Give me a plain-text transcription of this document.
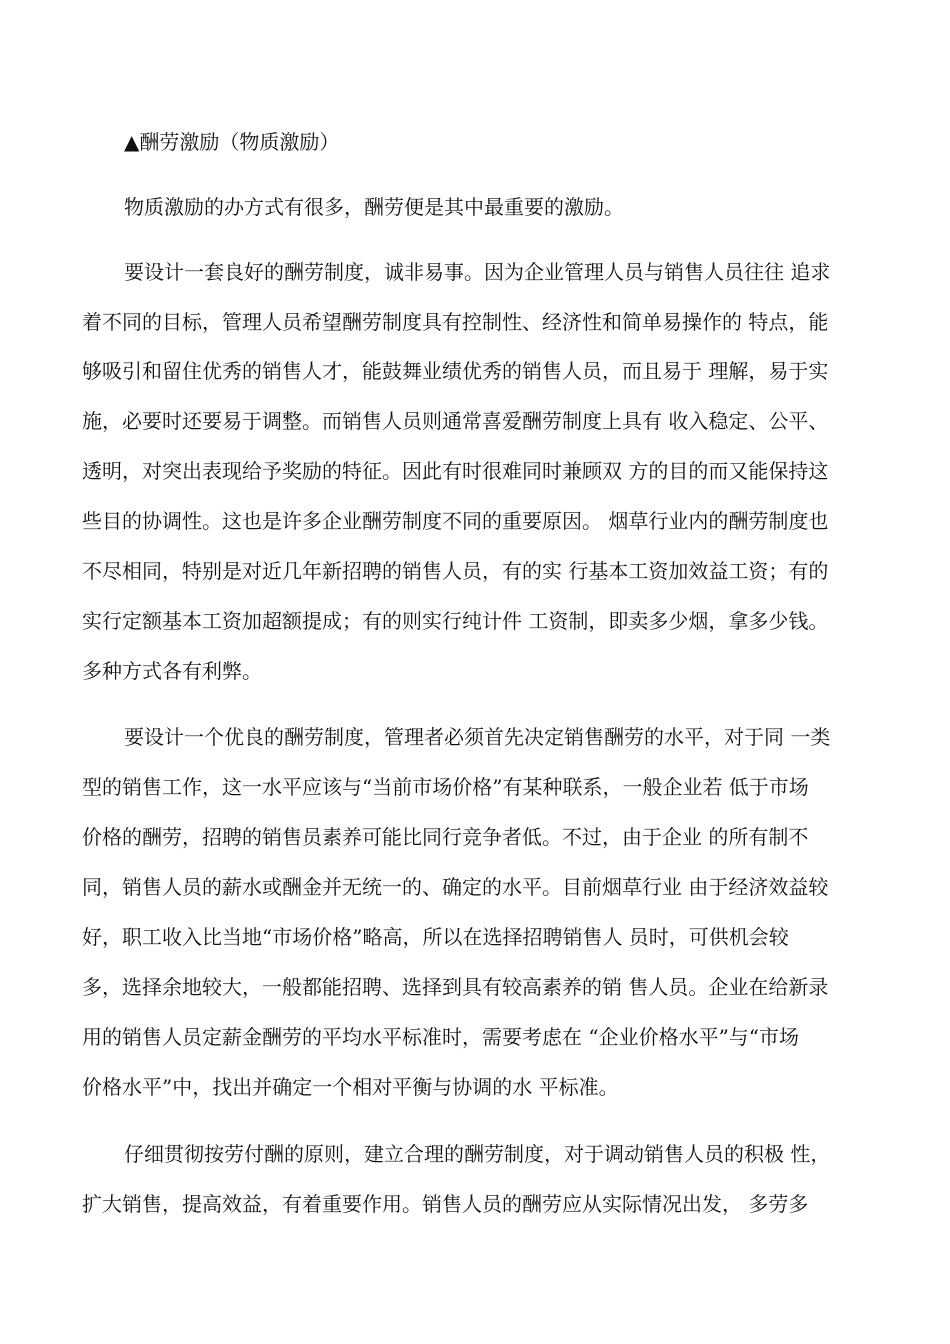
▲酬劳激励（物质激励）
物质激励的办方式有很多，酬劳便是其中最重要的激励。
要设计一套良好的酬劳制度，诚非易事。因为企业管理人员与销售人员往往 追求
着不同的目标，管理人员希望酬劳制度具有控制性、经济性和简单易操作的 特点，能
够吸引和留住优秀的销售人才，能鼓舞业绩优秀的销售人员，而且易于 理解，易于实
施，必要时还要易于调整。而销售人员则通常喜爱酬劳制度上具有 收入稳定、公平、
透明，对突出表现给予奖励的特征。因此有时很难同时兼顾双 方的目的而又能保持这
些目的协调性。这也是许多企业酬劳制度不同的重要原因。 烟草行业内的酬劳制度也
不尽相同，特别是对近几年新招聘的销售人员，有的实 行基本工资加效益工资；有的
实行定额基本工资加超额提成；有的则实行纯计件 工资制，即卖多少烟，拿多少钱。
多种方式各有利弊。
要设计一个优良的酬劳制度，管理者必须首先决定销售酬劳的水平，对于同 一类
型的销售工作，这一水平应该与“当前市场价格”有某种联系，一般企业若 低于市场
价格的酬劳，招聘的销售员素养可能比同行竞争者低。不过，由于企业 的所有制不
同，销售人员的薪水或酬金并无统一的、确定的水平。目前烟草行业 由于经济效益较
好，职工收入比当地“市场价格”略高，所以在选择招聘销售人 员时，可供机会较
多，选择余地较大，一般都能招聘、选择到具有较高素养的销 售人员。企业在给新录
用的销售人员定薪金酬劳的平均水平标准时，需要考虑在 “企业价格水平”与“市场
价格水平”中，找出并确定一个相对平衡与协调的水 平标准。
仔细贯彻按劳付酬的原则，建立合理的酬劳制度，对于调动销售人员的积极 性，
扩大销售，提高效益，有着重要作用。销售人员的酬劳应从实际情况出发， 多劳多
